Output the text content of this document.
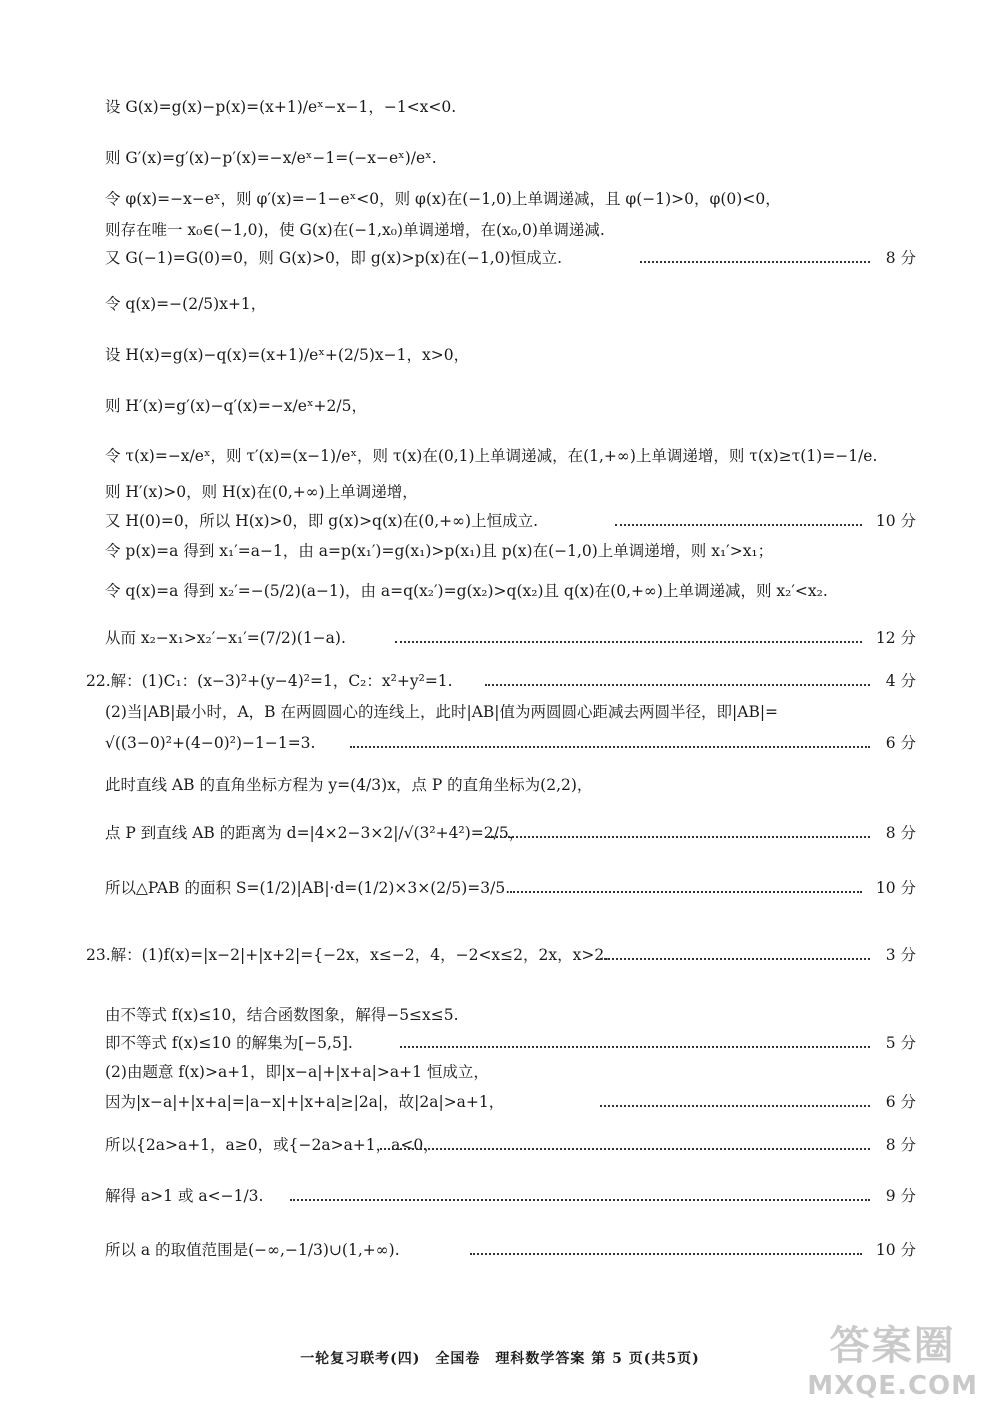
设 G(x)=g(x)−p(x)=(x+1)/eˣ−x−1，−1<x<0.
则 G′(x)=g′(x)−p′(x)=−x/eˣ−1=(−x−eˣ)/eˣ.
令 φ(x)=−x−eˣ，则 φ′(x)=−1−eˣ<0，则 φ(x)在(−1,0)上单调递减，且 φ(−1)>0，φ(0)<0，
则存在唯一 x₀∈(−1,0)，使 G(x)在(−1,x₀)单调递增，在(x₀,0)单调递减.
又 G(−1)=G(0)=0，则 G(x)>0，即 g(x)>p(x)在(−1,0)恒成立.	8 分
令 q(x)=−(2/5)x+1，
设 H(x)=g(x)−q(x)=(x+1)/eˣ+(2/5)x−1，x>0，
则 H′(x)=g′(x)−q′(x)=−x/eˣ+2/5，
令 τ(x)=−x/eˣ，则 τ′(x)=(x−1)/eˣ，则 τ(x)在(0,1)上单调递减，在(1,+∞)上单调递增，则 τ(x)≥τ(1)=−1/e.
则 H′(x)>0，则 H(x)在(0,+∞)上单调递增，
又 H(0)=0，所以 H(x)>0，即 g(x)>q(x)在(0,+∞)上恒成立.	10 分
令 p(x)=a 得到 x₁′=a−1，由 a=p(x₁′)=g(x₁)>p(x₁)且 p(x)在(−1,0)上单调递增，则 x₁′>x₁；
令 q(x)=a 得到 x₂′=−(5/2)(a−1)，由 a=q(x₂′)=g(x₂)>q(x₂)且 q(x)在(0,+∞)上单调递减，则 x₂′<x₂.
从而 x₂−x₁>x₂′−x₁′=(7/2)(1−a).	12 分
22.解：(1)C₁：(x−3)²+(y−4)²=1，C₂：x²+y²=1.	4 分
(2)当|AB|最小时，A，B 在两圆圆心的连线上，此时|AB|值为两圆圆心距减去两圆半径，即|AB|=
√((3−0)²+(4−0)²)−1−1=3.	6 分
此时直线 AB 的直角坐标方程为 y=(4/3)x，点 P 的直角坐标为(2,2)，
点 P 到直线 AB 的距离为 d=|4×2−3×2|/√(3²+4²)=2/5，	8 分
所以△PAB 的面积 S=(1/2)|AB|·d=(1/2)×3×(2/5)=3/5.	10 分
23.解：(1)f(x)=|x−2|+|x+2|={−2x，x≤−2，4，−2<x≤2，2x，x>2.	3 分
由不等式 f(x)≤10，结合函数图象，解得−5≤x≤5.
即不等式 f(x)≤10 的解集为[−5,5].	5 分
(2)由题意 f(x)>a+1，即|x−a|+|x+a|>a+1 恒成立，
因为|x−a|+|x+a|=|a−x|+|x+a|≥|2a|，故|2a|>a+1，	6 分
所以{2a>a+1，a≥0，或{−2a>a+1，a<0，	8 分
解得 a>1 或 a<−1/3.	9 分
所以 a 的取值范围是(−∞,−1/3)∪(1,+∞).	10 分
一轮复习联考(四)　全国卷　理科数学答案 第 5 页(共5页)	答案圈
MXQE.COM
